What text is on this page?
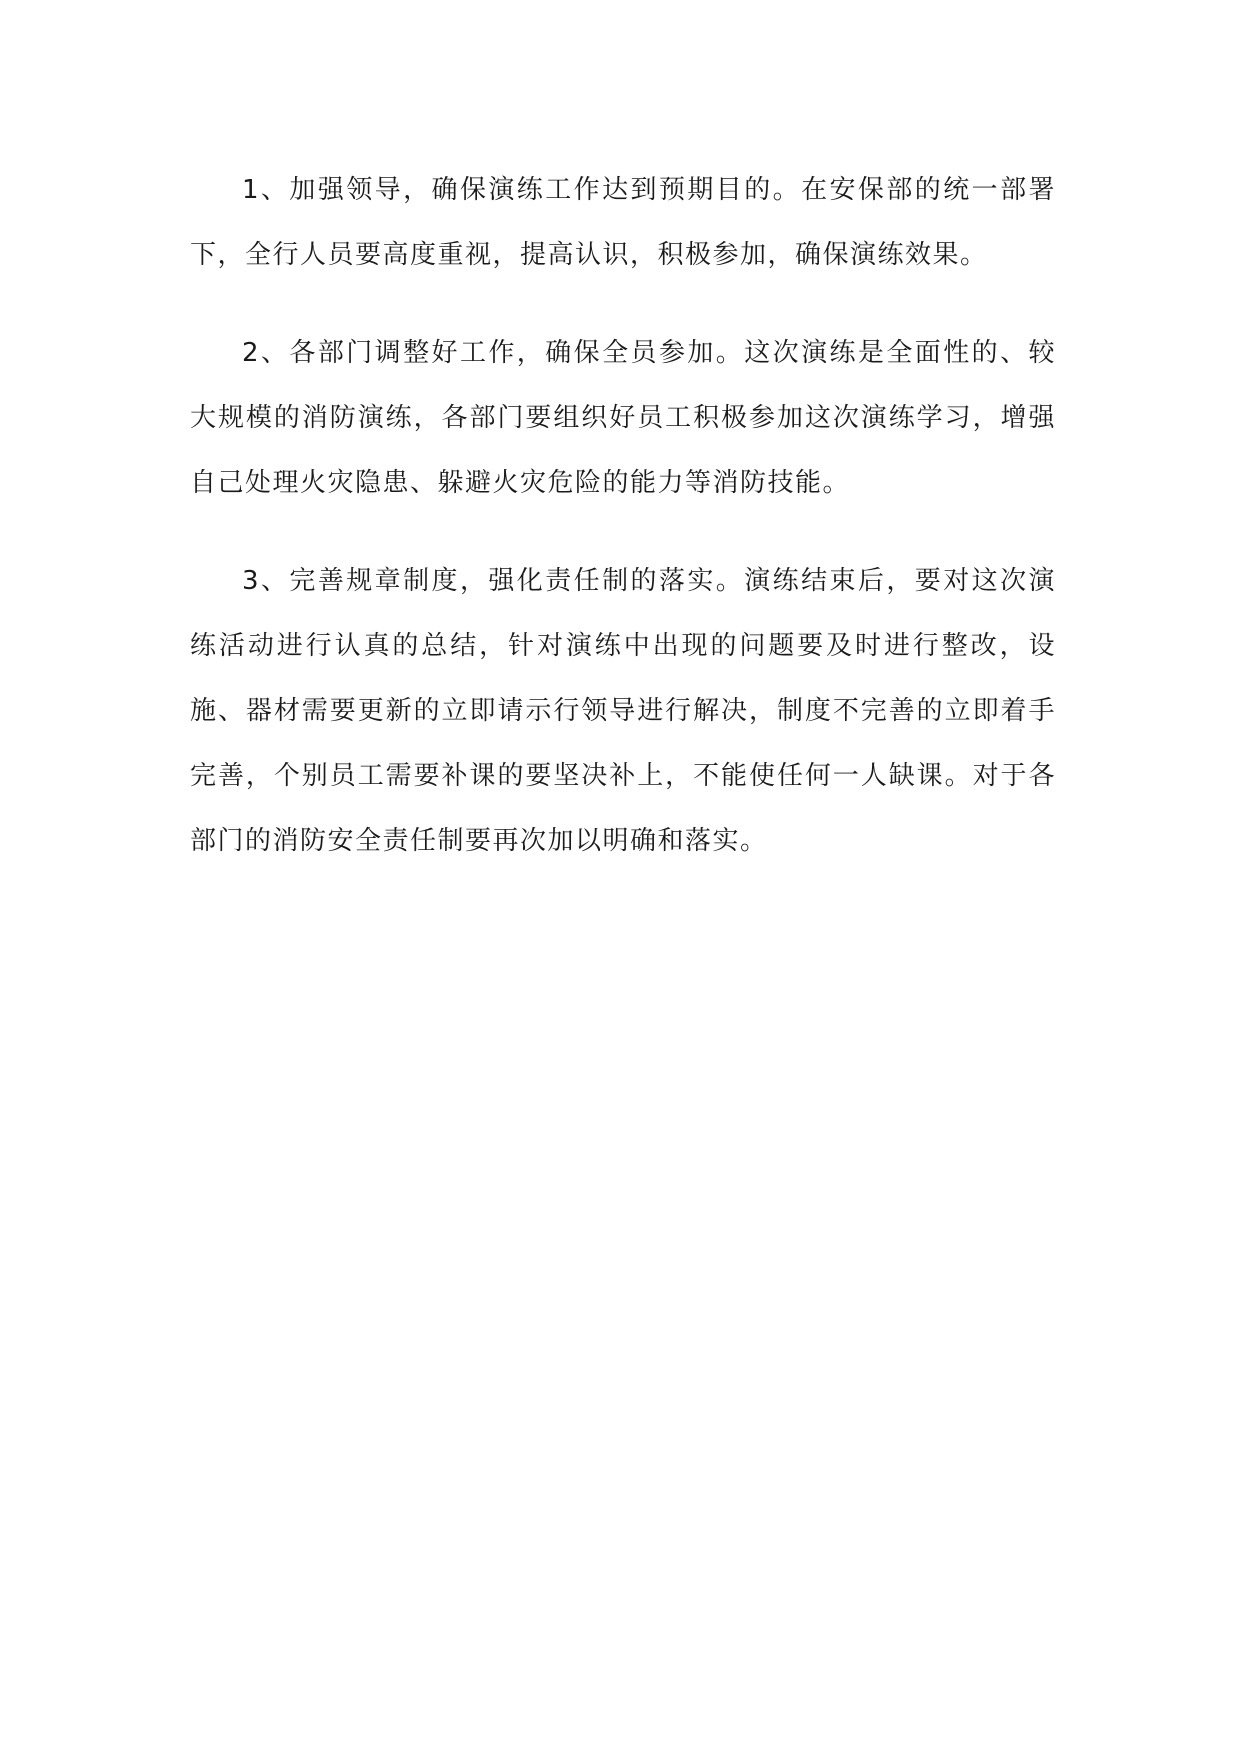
1、加强领导，确保演练工作达到预期目的。在安保部的统一部署下，全行人员要高度重视，提高认识，积极参加，确保演练效果。

2、各部门调整好工作，确保全员参加。这次演练是全面性的、较大规模的消防演练，各部门要组织好员工积极参加这次演练学习，增强自己处理火灾隐患、躲避火灾危险的能力等消防技能。

3、完善规章制度，强化责任制的落实。演练结束后，要对这次演练活动进行认真的总结，针对演练中出现的问题要及时进行整改，设施、器材需要更新的立即请示行领导进行解决，制度不完善的立即着手完善，个别员工需要补课的要坚决补上，不能使任何一人缺课。对于各部门的消防安全责任制要再次加以明确和落实。
